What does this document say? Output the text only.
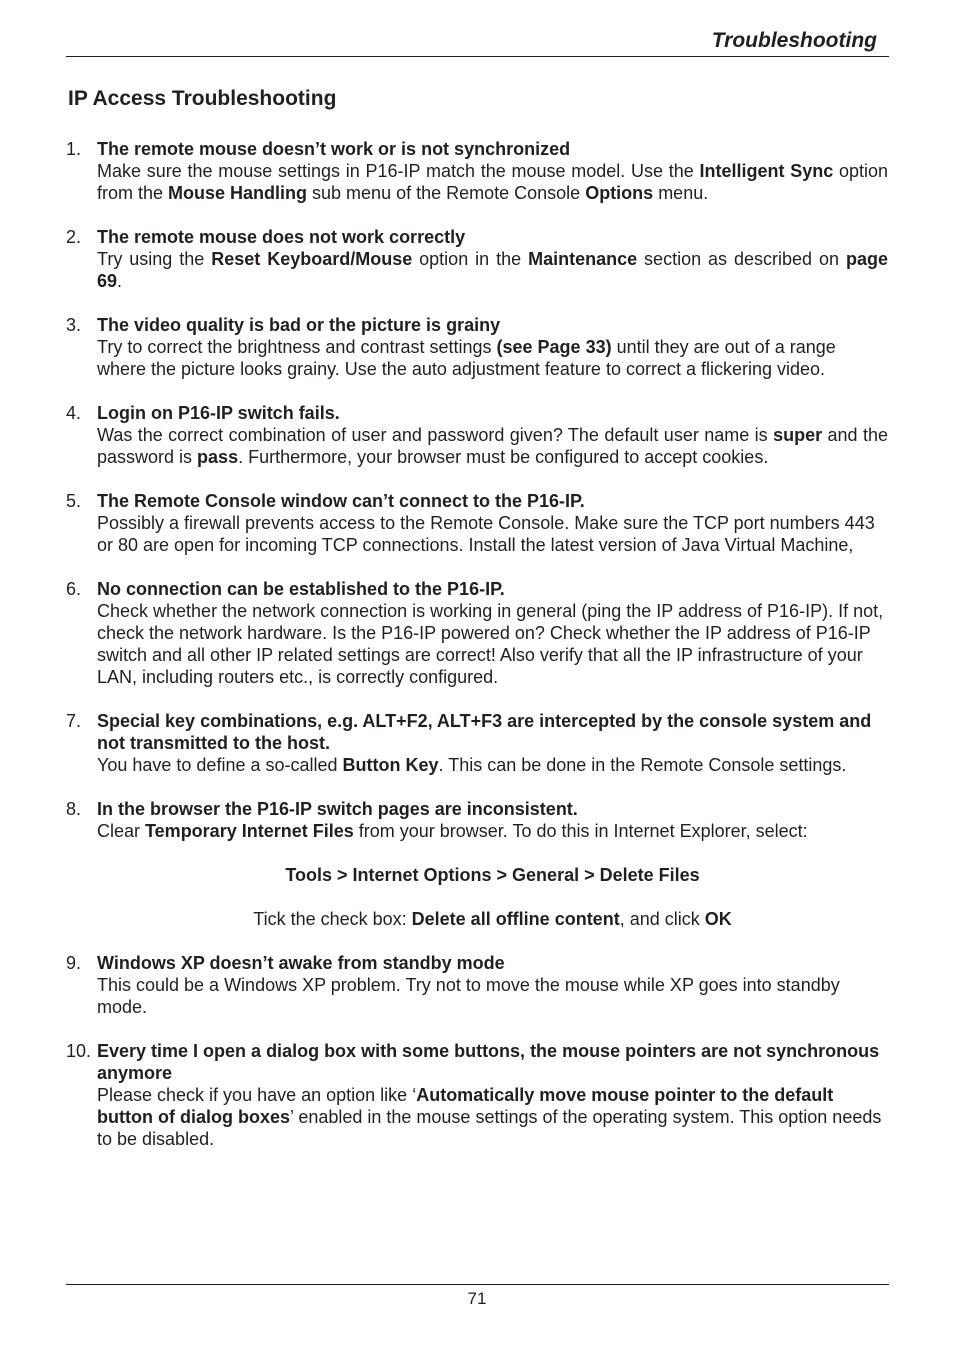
Troubleshooting
IP Access Troubleshooting
1. The remote mouse doesn’t work or is not synchronized
Make sure the mouse settings in P16-IP match the mouse model. Use the Intelligent Sync option from the Mouse Handling sub menu of the Remote Console Options menu.
2. The remote mouse does not work correctly
Try using the Reset Keyboard/Mouse option in the Maintenance section as described on page 69.
3. The video quality is bad or the picture is grainy
Try to correct the brightness and contrast settings (see Page 33) until they are out of a range where the picture looks grainy. Use the auto adjustment feature to correct a flickering video.
4. Login on P16-IP switch fails.
Was the correct combination of user and password given? The default user name is super and the password is pass. Furthermore, your browser must be configured to accept cookies.
5. The Remote Console window can’t connect to the P16-IP.
Possibly a firewall prevents access to the Remote Console. Make sure the TCP port numbers 443 or 80 are open for incoming TCP connections. Install the latest version of Java Virtual Machine,
6. No connection can be established to the P16-IP.
Check whether the network connection is working in general (ping the IP address of P16-IP). If not, check the network hardware. Is the P16-IP powered on? Check whether the IP address of P16-IP switch and all other IP related settings are correct! Also verify that all the IP infrastructure of your LAN, including routers etc., is correctly configured.
7. Special key combinations, e.g. ALT+F2, ALT+F3 are intercepted by the console system and not transmitted to the host.
You have to define a so-called Button Key. This can be done in the Remote Console settings.
8. In the browser the P16-IP switch pages are inconsistent.
Clear Temporary Internet Files from your browser. To do this in Internet Explorer, select:
Tools > Internet Options > General > Delete Files
Tick the check box: Delete all offline content, and click OK
9. Windows XP doesn’t awake from standby mode
This could be a Windows XP problem. Try not to move the mouse while XP goes into standby mode.
10. Every time I open a dialog box with some buttons, the mouse pointers are not synchronous anymore
Please check if you have an option like ‘Automatically move mouse pointer to the default button of dialog boxes’ enabled in the mouse settings of the operating system. This option needs to be disabled.
71
